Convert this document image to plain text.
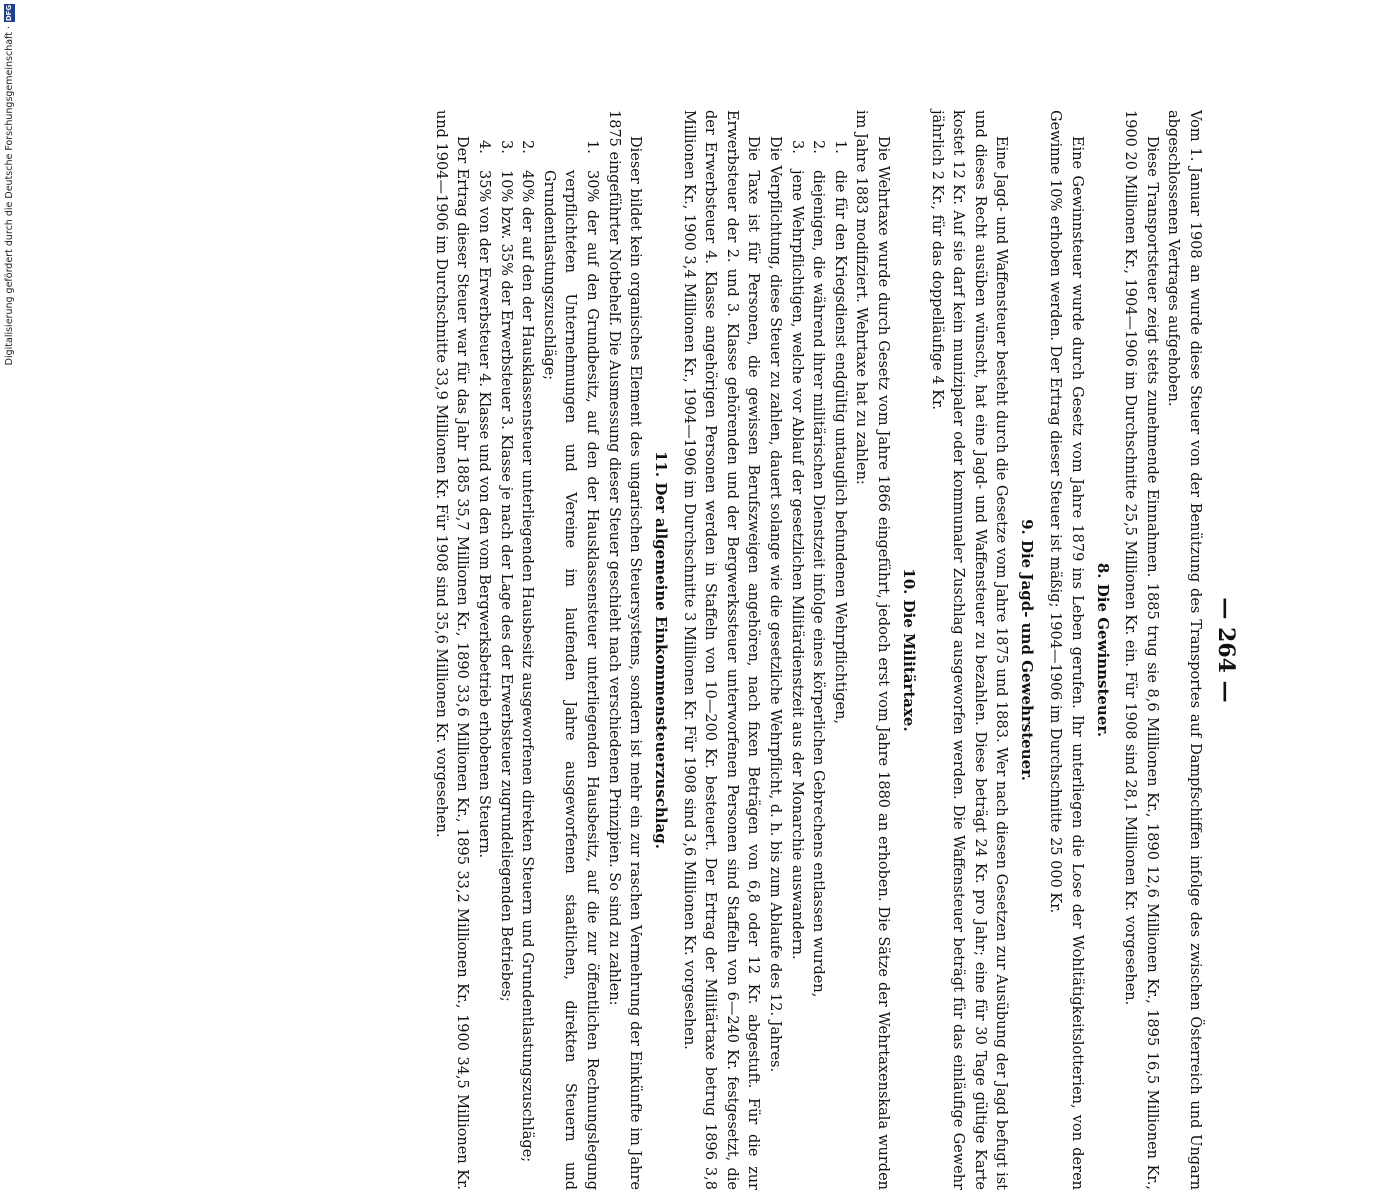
— 264 —

Vom 1. Januar 1908 an wurde diese Steuer von der Benützung des Transportes auf Dampfschiffen infolge des zwischen Österreich und Ungarn abgeschlossenen Vertrages aufgehoben.

Diese Transportsteuer zeigt stets zunehmende Einnahmen. 1885 trug sie 8,6 Millionen Kr., 1890 12,6 Millionen Kr., 1895 16,5 Millionen Kr., 1900 20 Millionen Kr., 1904—1906 im Durchschnitte 25,5 Millionen Kr. ein. Für 1908 sind 28,1 Millionen Kr. vorgesehen.

8. Die Gewinnsteuer.

Eine Gewinnsteuer wurde durch Gesetz vom Jahre 1879 ins Leben gerufen. Ihr unterliegen die Lose der Wohltätigkeitslotterien, von deren Gewinne 10% erhoben werden. Der Ertrag dieser Steuer ist mäßig; 1904—1906 im Durchschnitte 25 000 Kr.

9. Die Jagd- und Gewehrsteuer.

Eine Jagd- und Waffensteuer besteht durch die Gesetze vom Jahre 1875 und 1883. Wer nach diesen Gesetzen zur Ausübung der Jagd befugt ist und dieses Recht ausüben wünscht, hat eine Jagd- und Waffensteuer zu bezahlen. Diese beträgt 24 Kr. pro Jahr; eine für 30 Tage gültige Karte kostet 12 Kr. Auf sie darf kein munizipaler oder kommunaler Zuschlag ausgeworfen werden. Die Waffensteuer beträgt für das einläufige Gewehr jährlich 2 Kr., für das doppelläufige 4 Kr.

10. Die Militärtaxe.

Die Wehrtaxe wurde durch Gesetz vom Jahre 1866 eingeführt, jedoch erst vom Jahre 1880 an erhoben. Die Sätze der Wehrtaxenskala wurden im Jahre 1883 modifiziert. Wehrtaxe hat zu zahlen:

1.die für den Kriegsdienst endgültig untauglich befundenen Wehrpflichtigen,
2.diejenigen, die während ihrer militärischen Dienstzeit infolge eines körperlichen Gebrechens entlassen wurden,
3.jene Wehrpflichtigen, welche vor Ablauf der gesetzlichen Militärdienstzeit aus der Monarchie auswandern.

Die Verpflichtung, diese Steuer zu zahlen, dauert solange wie die gesetzliche Wehrpflicht, d. h. bis zum Ablaufe des 12. Jahres.

Die Taxe ist für Personen, die gewissen Berufszweigen angehören, nach fixen Beträgen von 6,8 oder 12 Kr. abgestuft. Für die zur Erwerbsteuer der 2. und 3. Klasse gehörenden und der Bergwerkssteuer unterworfenen Personen sind Staffeln von 6—240 Kr. festgesetzt, die der Erwerbsteuer 4. Klasse angehörigen Personen werden in Staffeln von 10—200 Kr. besteuert. Der Ertrag der Militärtaxe betrug 1896 3,8 Millionen Kr., 1900 3,4 Millionen Kr., 1904—1906 im Durchschnitte 3 Millionen Kr. Für 1908 sind 3,6 Millionen Kr. vorgesehen.

11. Der allgemeine Einkommensteuerzuschlag.

Dieser bildet kein organisches Element des ungarischen Steuersystems, sondern ist mehr ein zur raschen Vermehrung der Einkünfte im Jahre 1875 eingeführter Notbehelf. Die Ausmessung dieser Steuer geschieht nach verschiedenen Prinzipien. So sind zu zahlen:

1.30% der auf den Grundbesitz, auf den der Hausklassensteuer unterliegenden Hausbesitz, auf die zur öffentlichen Rechnungslegung verpflichteten Unternehmungen und Vereine im laufenden Jahre ausgeworfenen staatlichen, direkten Steuern und Grundentlastungszuschläge;
2.40% der auf den der Hausklassensteuer unterliegenden Hausbesitz ausgeworfenen direkten Steuern und Grundentlastungszuschläge;
3.10% bzw. 35% der Erwerbsteuer 3. Klasse je nach der Lage des der Erwerbsteuer zugrundeliegenden Betriebes;
4.35% von der Erwerbsteuer 4. Klasse und von den vom Bergwerksbetrieb erhobenen Steuern.

Der Ertrag dieser Steuer war für das Jahr 1885 35,7 Millionen Kr., 1890 33,6 Millionen Kr., 1895 33,2 Millionen Kr., 1900 34,5 Millionen Kr. und 1904—1906 im Durchschnitte 33,9 Millionen Kr. Für 1908 sind 35,6 Millionen Kr. vorgesehen.

Digitalisierung gefördert durch die Deutsche Forschungsgemeinschaft ·
DFG
